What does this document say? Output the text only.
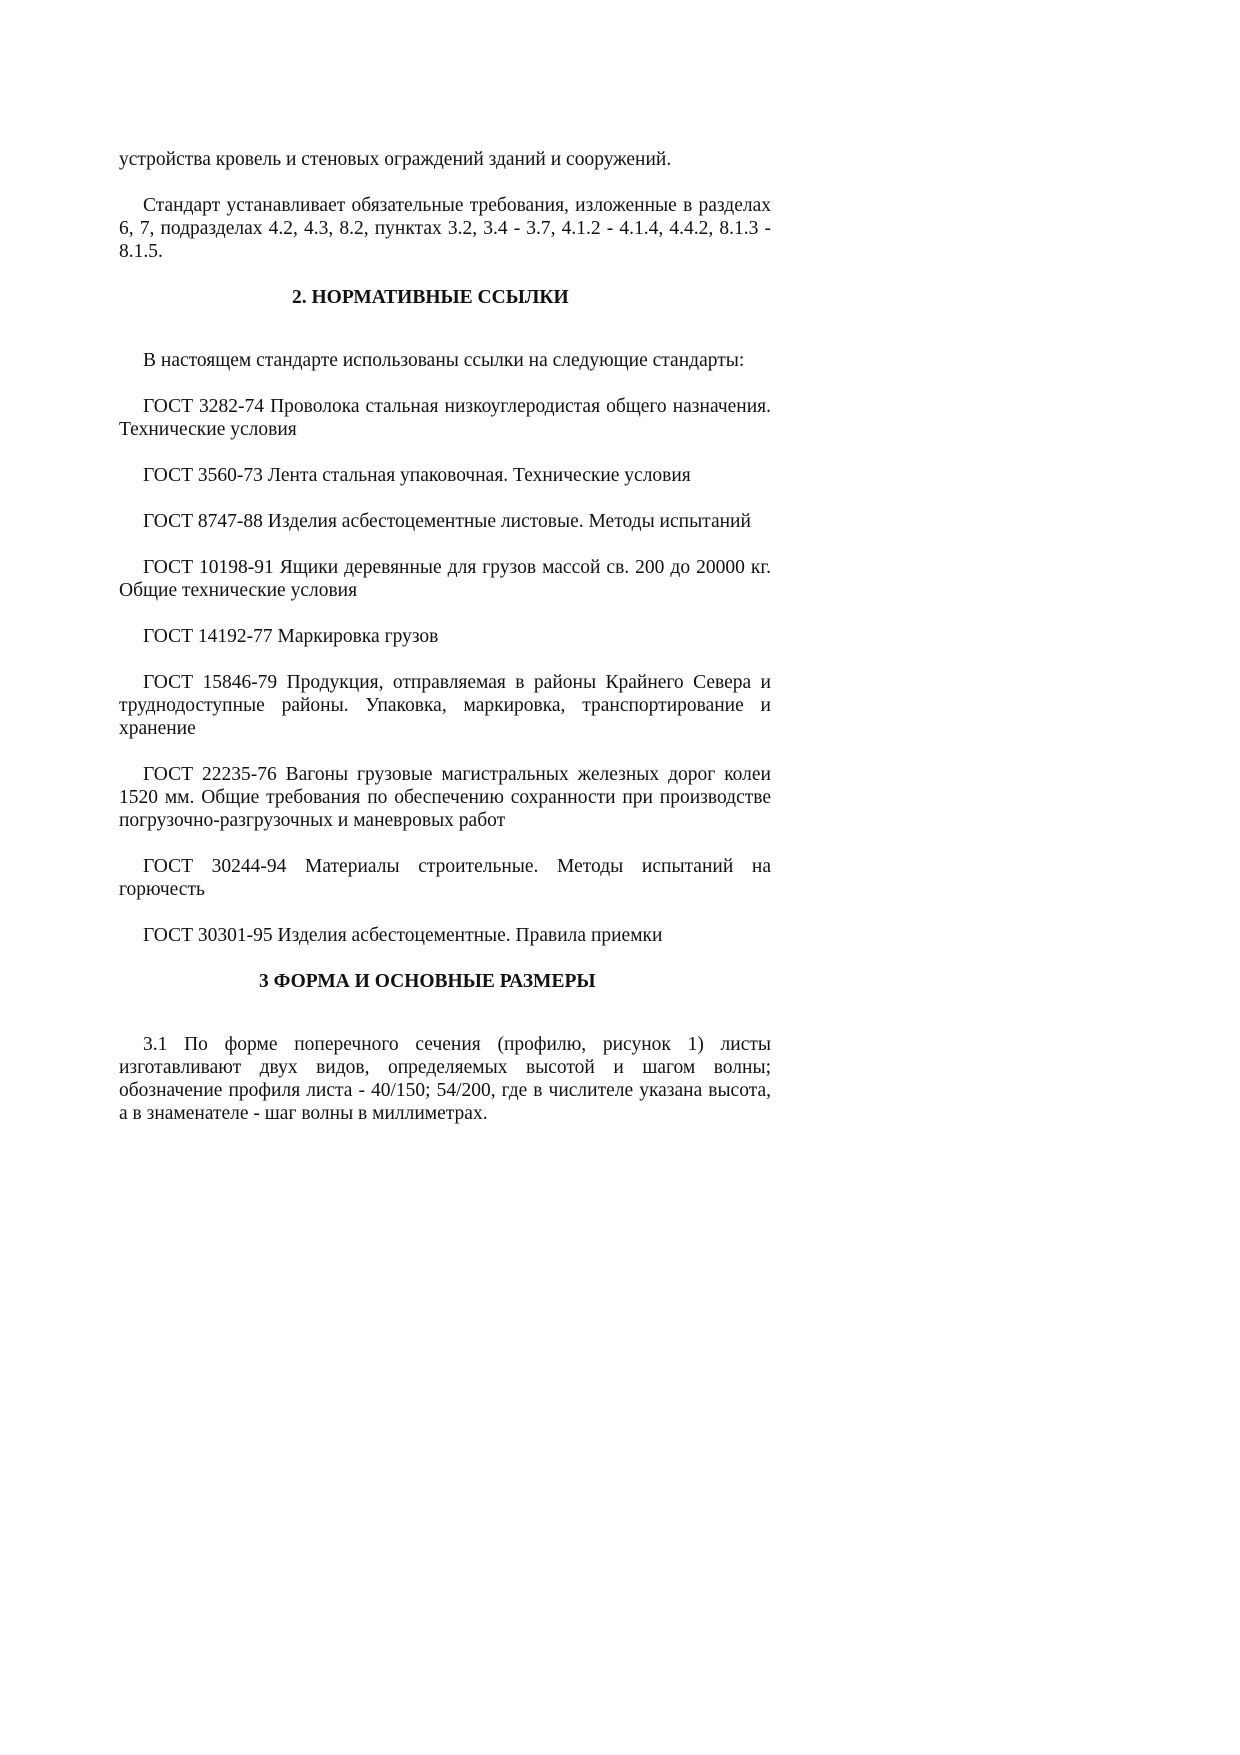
устройства кровель и стеновых ограждений зданий и сооружений.

Стандарт устанавливает обязательные требования, изложенные в разделах 6, 7, подразделах 4.2, 4.3, 8.2, пунктах 3.2, 3.4 - 3.7, 4.1.2 - 4.1.4, 4.4.2, 8.1.3 - 8.1.5.

2. НОРМАТИВНЫЕ ССЫЛКИ

В настоящем стандарте использованы ссылки на следующие стандарты:

ГОСТ 3282-74 Проволока стальная низкоуглеродистая общего назначения. Технические условия

ГОСТ 3560-73 Лента стальная упаковочная. Технические условия

ГОСТ 8747-88 Изделия асбестоцементные листовые. Методы испытаний

ГОСТ 10198-91 Ящики деревянные для грузов массой св. 200 до 20000 кг. Общие технические условия

ГОСТ 14192-77 Маркировка грузов

ГОСТ 15846-79 Продукция, отправляемая в районы Крайнего Севера и труднодоступные районы. Упаковка, маркировка, транспортирование и хранение

ГОСТ 22235-76 Вагоны грузовые магистральных железных дорог колеи 1520 мм. Общие требования по обеспечению сохранности при производстве погрузочно-разгрузочных и маневровых работ

ГОСТ 30244-94 Материалы строительные. Методы испытаний на горючесть

ГОСТ 30301-95 Изделия асбестоцементные. Правила приемки

3 ФОРМА И ОСНОВНЫЕ РАЗМЕРЫ

3.1 По форме поперечного сечения (профилю, рисунок 1) листы изготавливают двух видов, определяемых высотой и шагом волны; обозначение профиля листа - 40/150; 54/200, где в числителе указана высота, а в знаменателе - шаг волны в миллиметрах.
